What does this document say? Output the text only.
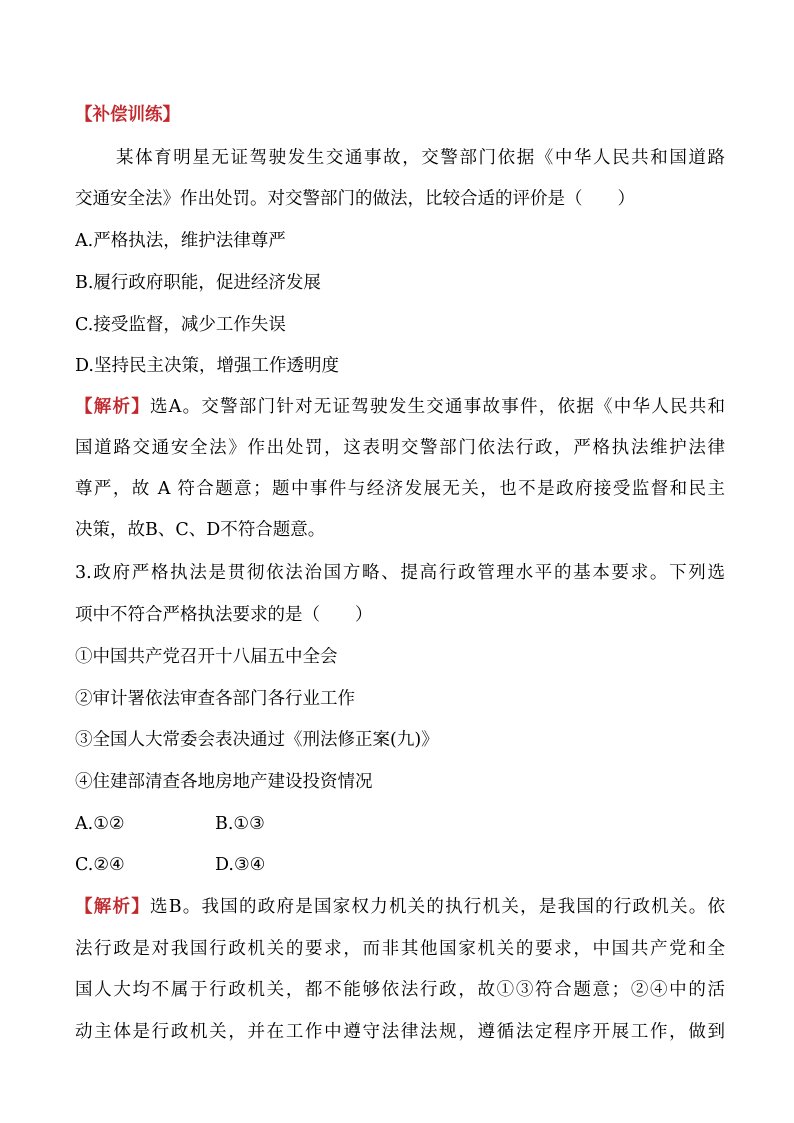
【补偿训练】
某体育明星无证驾驶发生交通事故，交警部门依据《中华人民共和国道路
交通安全法》作出处罚。对交警部门的做法，比较合适的评价是（　　）
A.严格执法，维护法律尊严
B.履行政府职能，促进经济发展
C.接受监督，减少工作失误
D.坚持民主决策，增强工作透明度
【解析】选A。交警部门针对无证驾驶发生交通事故事件，依据《中华人民共和
国道路交通安全法》作出处罚，这表明交警部门依法行政，严格执法维护法律
尊严，故 A 符合题意；题中事件与经济发展无关，也不是政府接受监督和民主
决策，故B、C、D不符合题意。
3.政府严格执法是贯彻依法治国方略、提高行政管理水平的基本要求。下列选
项中不符合严格执法要求的是（　　）
①中国共产党召开十八届五中全会
②审计署依法审查各部门各行业工作
③全国人大常委会表决通过《刑法修正案(九)》
④住建部清查各地房地产建设投资情况
A.①②	B.①③
C.②④	D.③④
【解析】选B。我国的政府是国家权力机关的执行机关，是我国的行政机关。依
法行政是对我国行政机关的要求，而非其他国家机关的要求，中国共产党和全
国人大均不属于行政机关，都不能够依法行政，故①③符合题意；②④中的活
动主体是行政机关，并在工作中遵守法律法规，遵循法定程序开展工作，做到
